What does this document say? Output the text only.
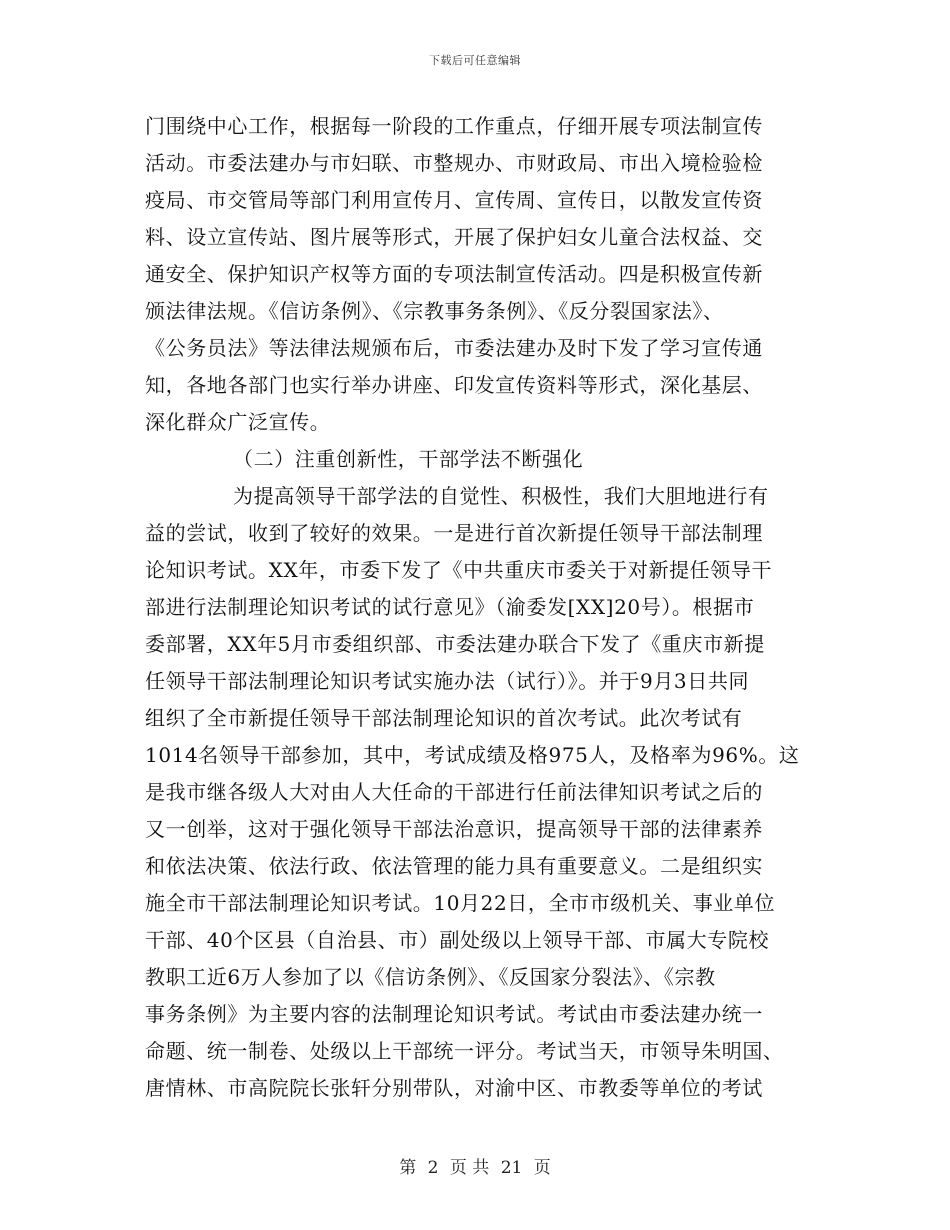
下载后可任意编辑
门围绕中心工作，根据每一阶段的工作重点，仔细开展专项法制宣传
活动。市委法建办与市妇联、市整规办、市财政局、市出入境检验检
疫局、市交管局等部门利用宣传月、宣传周、宣传日，以散发宣传资
料、设立宣传站、图片展等形式，开展了保护妇女儿童合法权益、交
通安全、保护知识产权等方面的专项法制宣传活动。四是积极宣传新
颁法律法规。《信访条例》、《宗教事务条例》、《反分裂国家法》、
《公务员法》等法律法规颁布后，市委法建办及时下发了学习宣传通
知，各地各部门也实行举办讲座、印发宣传资料等形式，深化基层、
深化群众广泛宣传。
（二）注重创新性，干部学法不断强化
为提高领导干部学法的自觉性、积极性，我们大胆地进行有
益的尝试，收到了较好的效果。一是进行首次新提任领导干部法制理
论知识考试。XX年，市委下发了《中共重庆市委关于对新提任领导干
部进行法制理论知识考试的试行意见》（渝委发[XX]20号）。根据市
委部署，XX年5月市委组织部、市委法建办联合下发了《重庆市新提
任领导干部法制理论知识考试实施办法（试行）》。并于9月3日共同
组织了全市新提任领导干部法制理论知识的首次考试。此次考试有
1014名领导干部参加，其中，考试成绩及格975人，及格率为96%。这
是我市继各级人大对由人大任命的干部进行任前法律知识考试之后的
又一创举，这对于强化领导干部法治意识，提高领导干部的法律素养
和依法决策、依法行政、依法管理的能力具有重要意义。二是组织实
施全市干部法制理论知识考试。10月22日，全市市级机关、事业单位
干部、40个区县（自治县、市）副处级以上领导干部、市属大专院校
教职工近6万人参加了以《信访条例》、《反国家分裂法》、《宗教
事务条例》为主要内容的法制理论知识考试。考试由市委法建办统一
命题、统一制卷、处级以上干部统一评分。考试当天，市领导朱明国、
唐情林、市高院院长张轩分别带队，对渝中区、市教委等单位的考试
第 2 页 共 21 页
